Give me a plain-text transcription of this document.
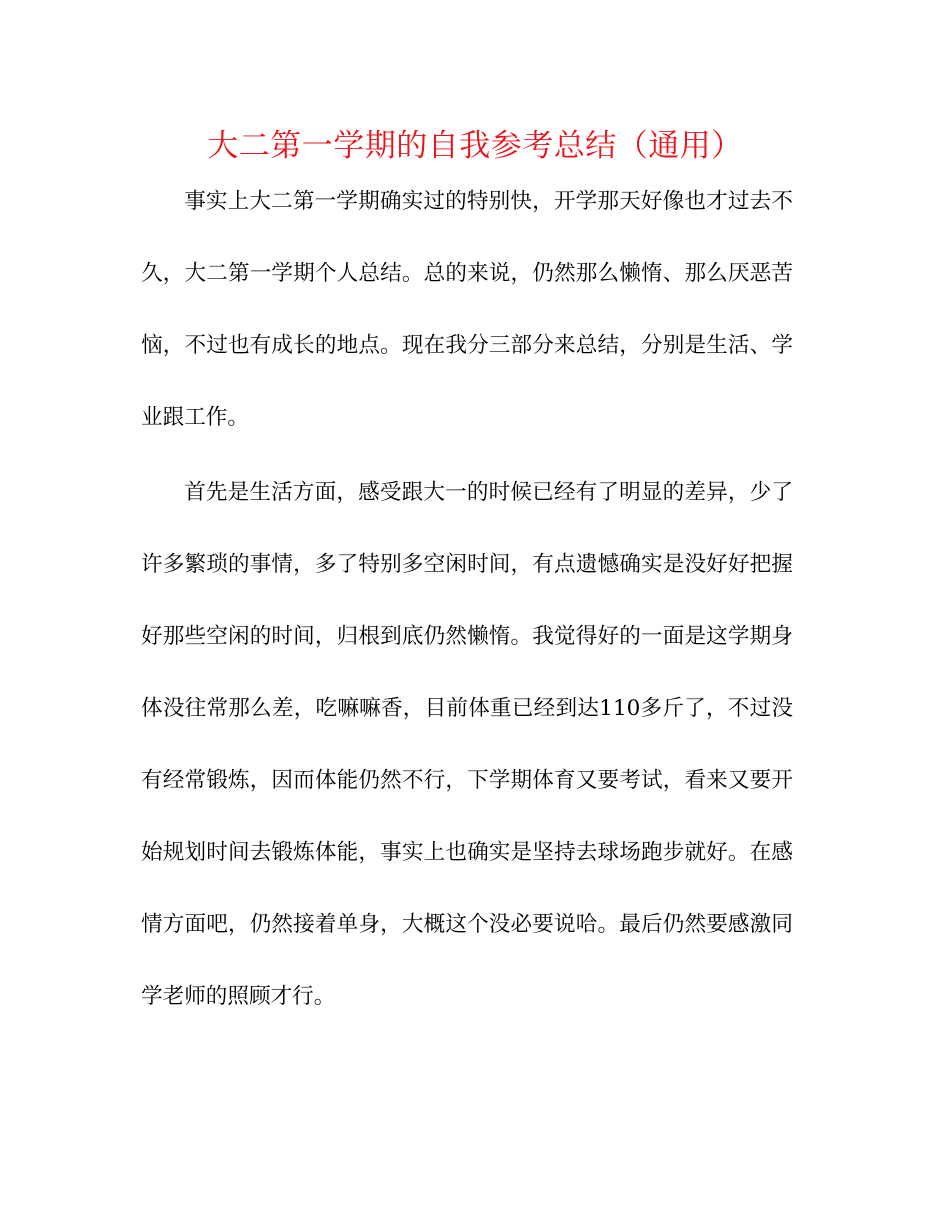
大二第一学期的自我参考总结（通用）

事实上大二第一学期确实过的特别快，开学那天好像也才过去不久，大二第一学期个人总结。总的来说，仍然那么懒惰、那么厌恶苦恼，不过也有成长的地点。现在我分三部分来总结，分别是生活、学业跟工作。

首先是生活方面，感受跟大一的时候已经有了明显的差异，少了许多繁琐的事情，多了特别多空闲时间，有点遗憾确实是没好好把握好那些空闲的时间，归根到底仍然懒惰。我觉得好的一面是这学期身体没往常那么差，吃嘛嘛香，目前体重已经到达110多斤了，不过没有经常锻炼，因而体能仍然不行，下学期体育又要考试，看来又要开始规划时间去锻炼体能，事实上也确实是坚持去球场跑步就好。在感情方面吧，仍然接着单身，大概这个没必要说哈。最后仍然要感激同学老师的照顾才行。
